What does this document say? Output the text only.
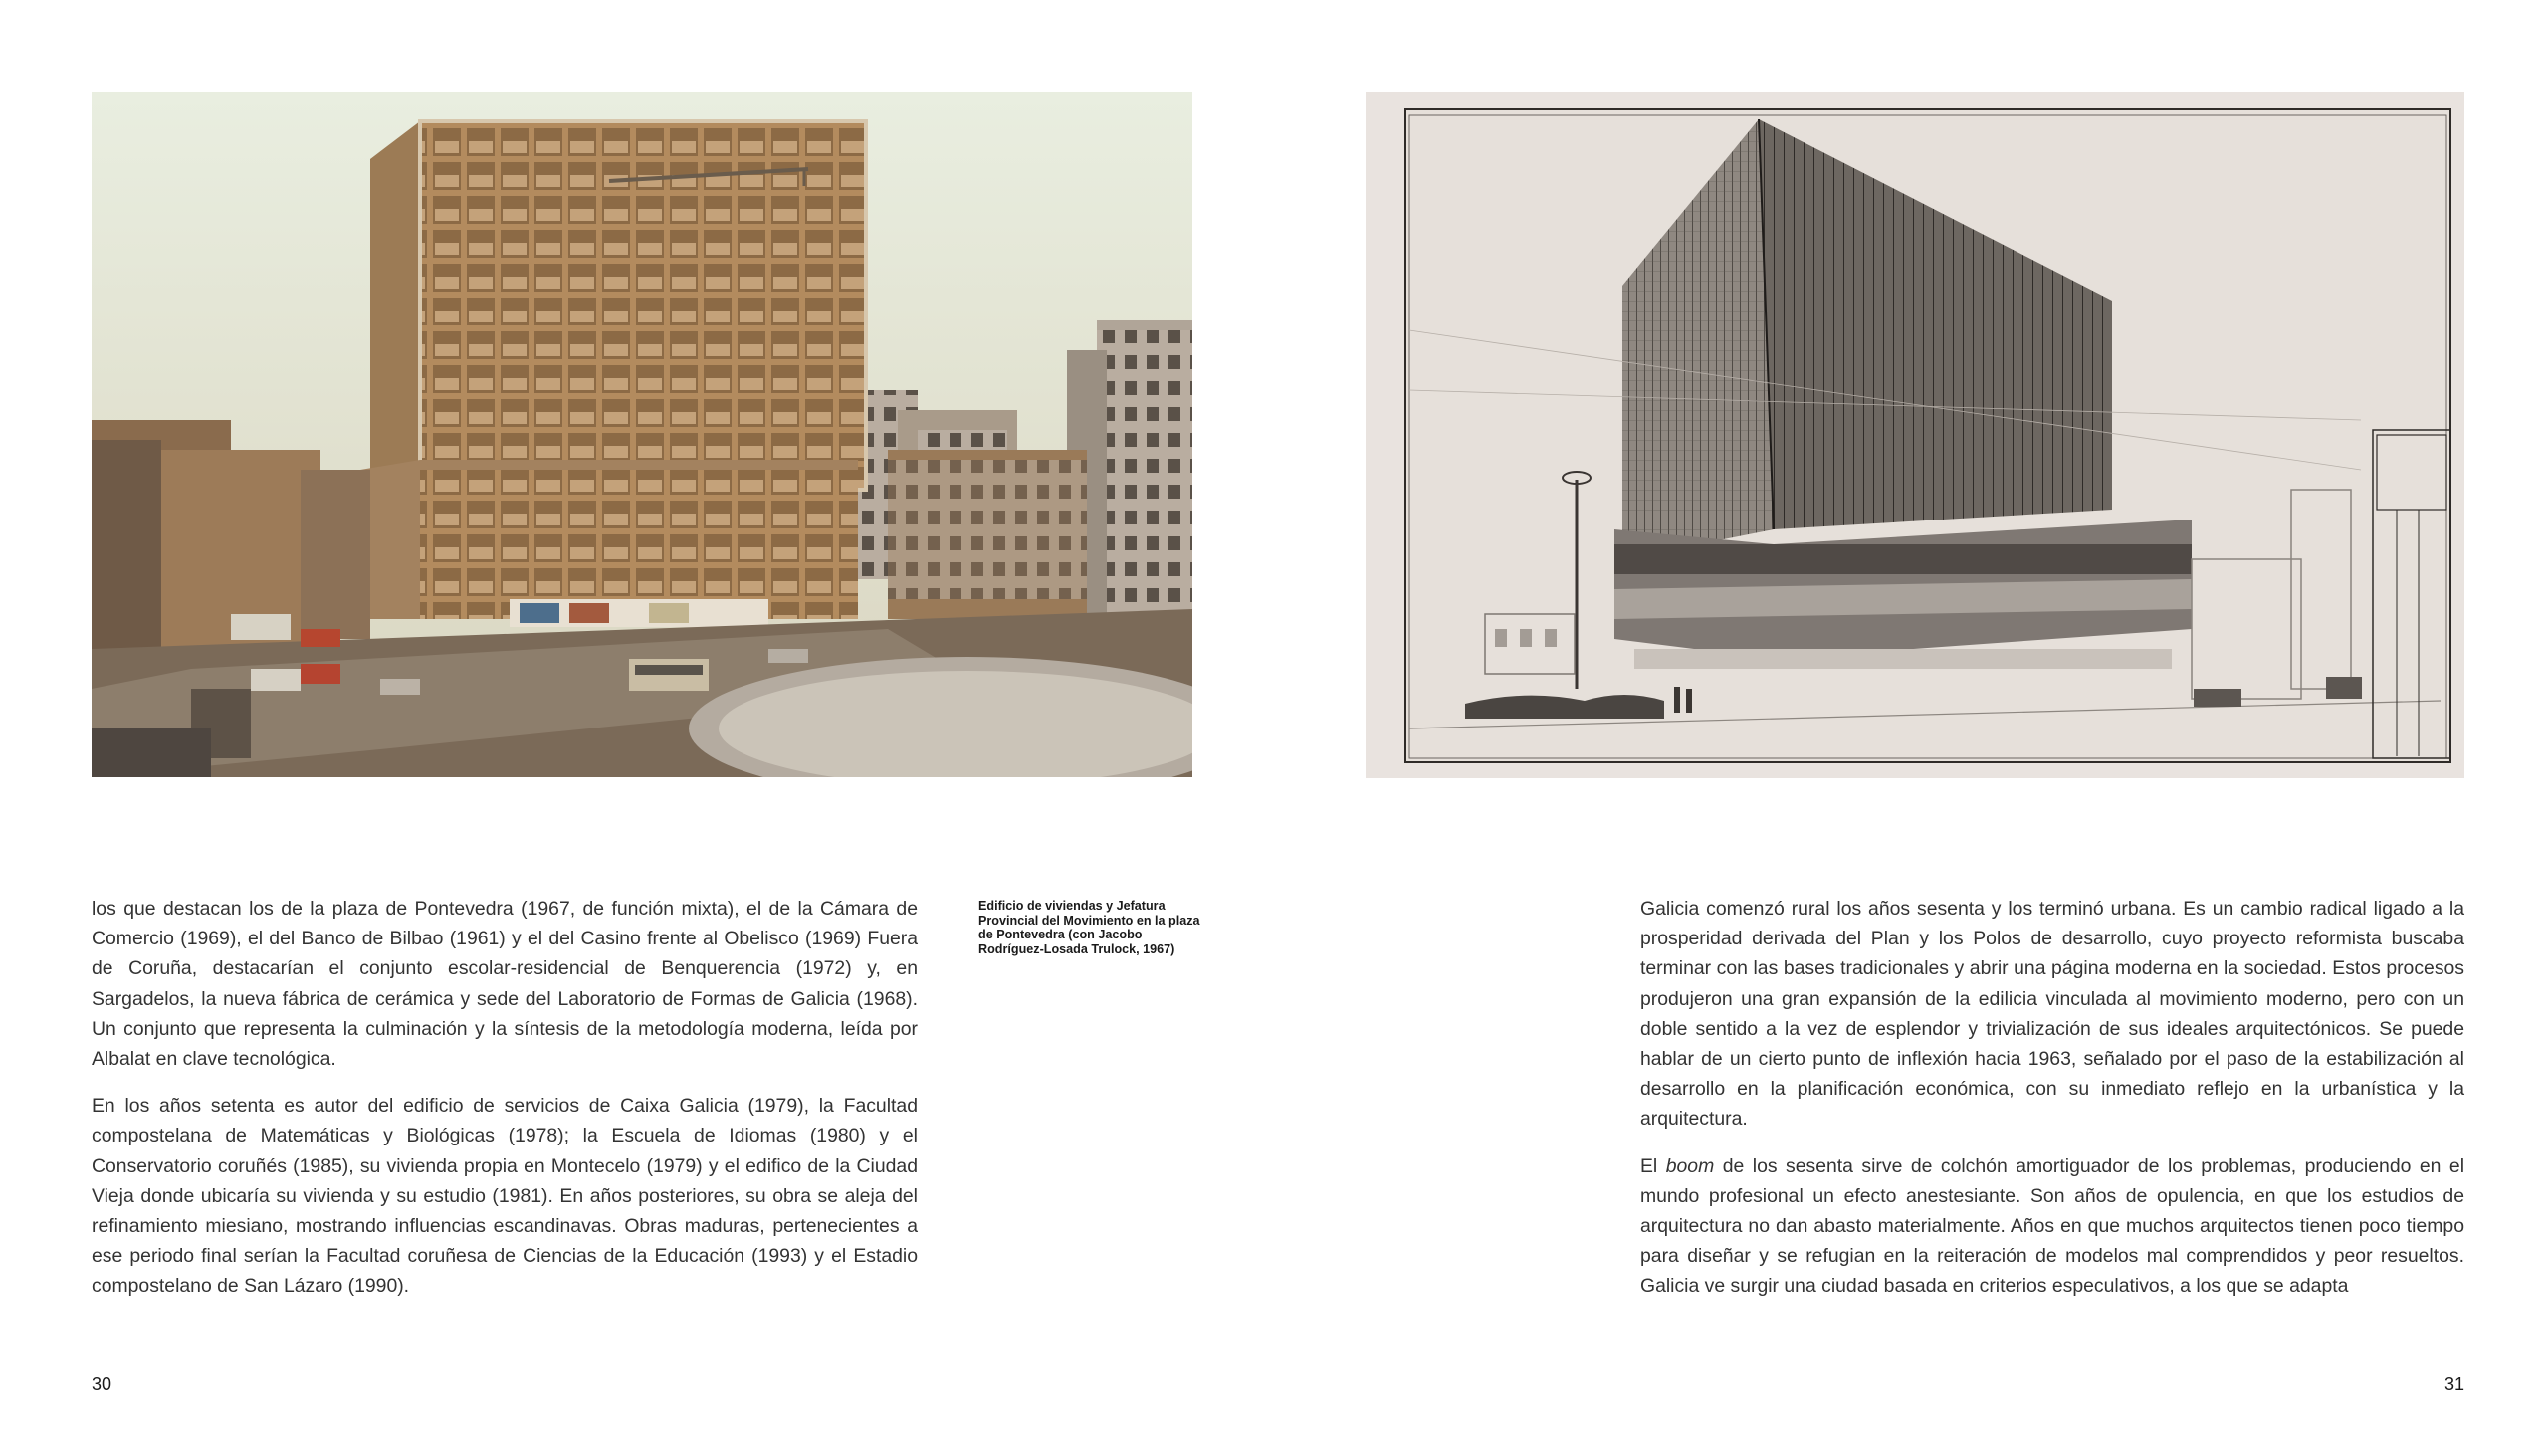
los que destacan los de la plaza de Pontevedra (1967, de función mixta), el de la Cámara de Comercio (1969), el del Banco de Bilbao (1961) y el del Casino frente al Obelisco (1969) Fuera de Coruña, destacarían el conjunto escolar-residencial de Benquerencia (1972) y, en Sargadelos, la nueva fábrica de cerámica y sede del Laboratorio de Formas de Galicia (1968). Un conjunto que representa la culminación y la síntesis de la metodología moderna, leída por Albalat en clave tecnológica.

En los años setenta es autor del edificio de servicios de Caixa Galicia (1979), la Facultad compostelana de Matemáticas y Biológicas (1978); la Escuela de Idiomas (1980) y el Conservatorio coruñés (1985), su vivienda propia en Montecelo (1979) y el edifico de la Ciudad Vieja donde ubicaría su vivienda y su estudio (1981). En años posteriores, su obra se aleja del refinamiento miesiano, mostrando influencias escandinavas. Obras maduras, pertenecientes a ese periodo final serían la Facultad coruñesa de Ciencias de la Educación (1993) y el Estadio compostelano de San Lázaro (1990).

Edificio de viviendas y Jefatura Provincial del Movimiento en la plaza de Pontevedra (con Jacobo Rodríguez-Losada Trulock, 1967)

Galicia comenzó rural los años sesenta y los terminó urbana. Es un cambio radical ligado a la prosperidad derivada del Plan y los Polos de desarrollo, cuyo proyecto reformista buscaba terminar con las bases tradicionales y abrir una página moderna en la sociedad. Estos procesos produjeron una gran expansión de la edilicia vinculada al movimiento moderno, pero con un doble sentido a la vez de esplendor y trivialización de sus ideales arquitectónicos. Se puede hablar de un cierto punto de inflexión hacia 1963, señalado por el paso de la estabilización al desarrollo en la planificación económica, con su inmediato reflejo en la urbanística y la arquitectura.

El boom de los sesenta sirve de colchón amortiguador de los problemas, produciendo en el mundo profesional un efecto anestesiante. Son años de opulencia, en que los estudios de arquitectura no dan abasto materialmente. Años en que muchos arquitectos tienen poco tiempo para diseñar y se refugian en la reiteración de modelos mal comprendidos y peor resueltos. Galicia ve surgir una ciudad basada en criterios especulativos, a los que se adapta

30	31
